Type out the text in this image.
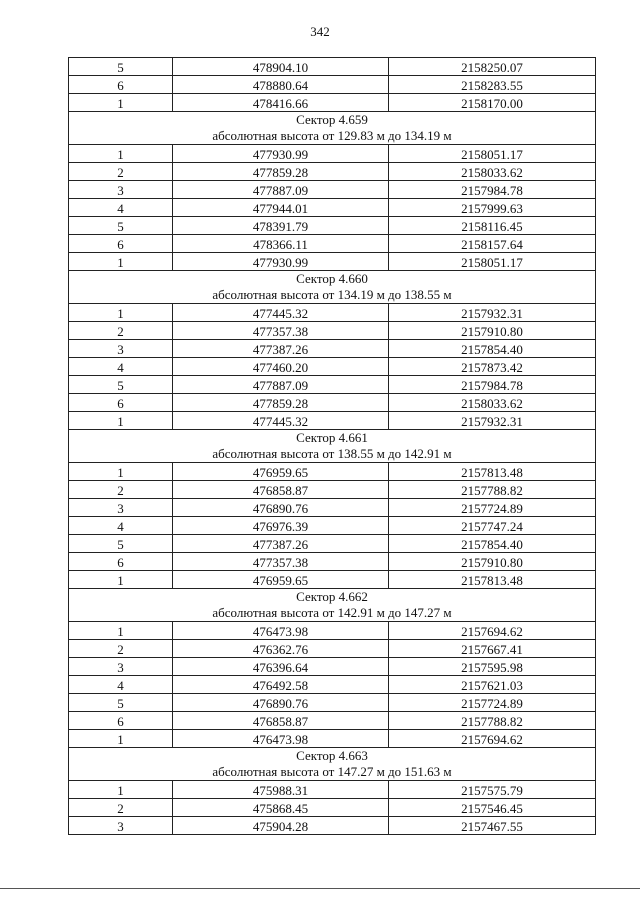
342
5	478904.10	2158250.07
6	478880.64	2158283.55
1	478416.66	2158170.00

Сектор 4.659
абсолютная высота от 129.83 м до 134.19 м		

1	477930.99	2158051.17
2	477859.28	2158033.62
3	477887.09	2157984.78
4	477944.01	2157999.63
5	478391.79	2158116.45
6	478366.11	2158157.64
1	477930.99	2158051.17

Сектор 4.660
абсолютная высота от 134.19 м до 138.55 м		

1	477445.32	2157932.31
2	477357.38	2157910.80
3	477387.26	2157854.40
4	477460.20	2157873.42
5	477887.09	2157984.78
6	477859.28	2158033.62
1	477445.32	2157932.31

Сектор 4.661
абсолютная высота от 138.55 м до 142.91 м		

1	476959.65	2157813.48
2	476858.87	2157788.82
3	476890.76	2157724.89
4	476976.39	2157747.24
5	477387.26	2157854.40
6	477357.38	2157910.80
1	476959.65	2157813.48

Сектор 4.662
абсолютная высота от 142.91 м до 147.27 м		

1	476473.98	2157694.62
2	476362.76	2157667.41
3	476396.64	2157595.98
4	476492.58	2157621.03
5	476890.76	2157724.89
6	476858.87	2157788.82
1	476473.98	2157694.62

Сектор 4.663
абсолютная высота от 147.27 м до 151.63 м		

1	475988.31	2157575.79
2	475868.45	2157546.45
3	475904.28	2157467.55
